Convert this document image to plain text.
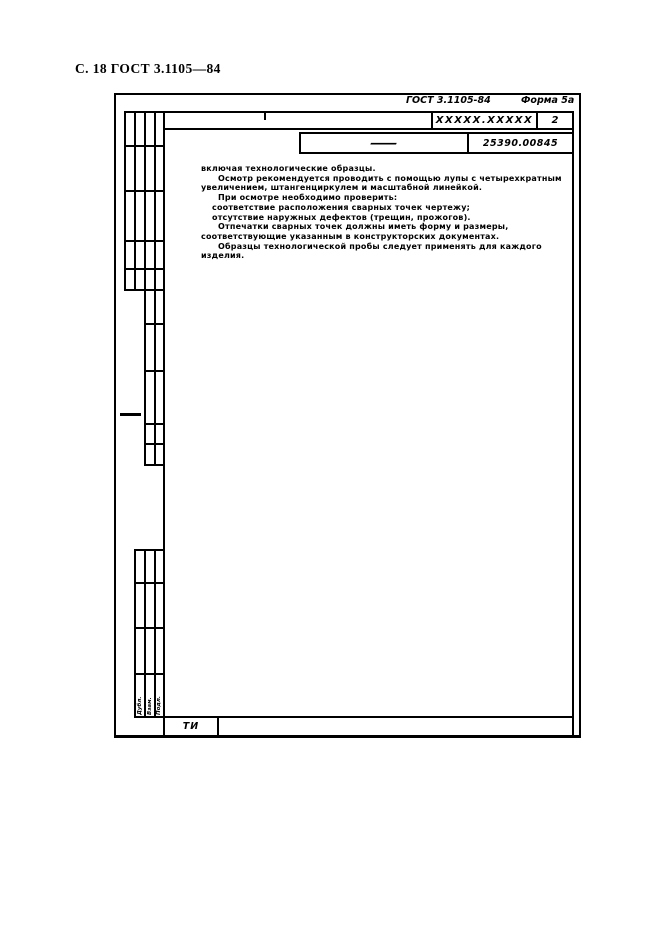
С. 18 ГОСТ 3.1105—84
ГОСТ 3.1105-84	Форма 5а
ХХХХХ.ХХХХХ	2
—	25390.00845
Дубл. Взам. Подл.
включая технологические образцы.
Осмотр рекомендуется проводить с помощью лупы с четырехкратным
увеличением, штангенциркулем и масштабной линейкой.
При осмотре необходимо проверить:
соответствие расположения сварных точек чертежу;
отсутствие наружных дефектов (трещин, прожогов).
Отпечатки сварных точек должны иметь форму и размеры,
соответствующие указанным в конструкторских документах.
Образцы технологической пробы следует применять для каждого
изделия.
ТИ
